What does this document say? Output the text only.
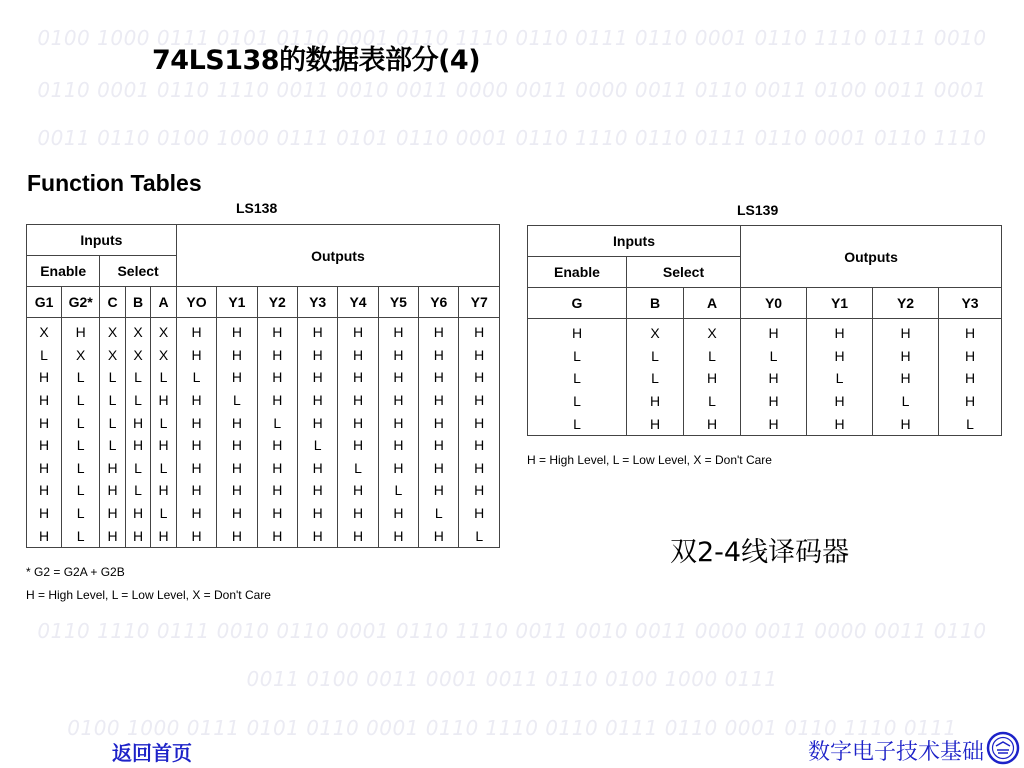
0100 1000 0111 0101 0110 0001 0110 1110 0110 0111 0110 0001 0110 1110 0111 0010
0110 0001 0110 1110 0011 0010 0011 0000 0011 0000 0011 0110 0011 0100 0011 0001
0011 0110 0100 1000 0111 0101 0110 0001 0110 1110 0110 0111 0110 0001 0110 1110
0110 1110 0111 0010 0110 0001 0110 1110 0011 0010 0011 0000 0011 0000 0011 0110
0011 0100 0011 0001 0011 0110 0100 1000 0111
0100 1000 0111 0101 0110 0001 0110 1110 0110 0111 0110 0001 0110 1110 0111
74LS138的数据表部分(4)
Function Tables
LS138
Inputs					Outputs							
Enable		Select										
G1	G2*	C	B	A	YO	Y1	Y2	Y3	Y4	Y5	Y6	Y7
X	H	X	X	X	H	H	H	H	H	H	H	H
L	X	X	X	X	H	H	H	H	H	H	H	H
H	L	L	L	L	L	H	H	H	H	H	H	H
H	L	L	L	H	H	L	H	H	H	H	H	H
H	L	L	H	L	H	H	L	H	H	H	H	H
H	L	L	H	H	H	H	H	L	H	H	H	H
H	L	H	L	L	H	H	H	H	L	H	H	H
H	L	H	L	H	H	H	H	H	H	L	H	H
H	L	H	H	L	H	H	H	H	H	H	L	H
H	L	H	H	H	H	H	H	H	H	H	H	L
* G2 = G2A + G2B
H = High Level, L = Low Level, X = Don't Care
LS139
Inputs			Outputs			
Enable	Select					
G	B	A	Y0	Y1	Y2	Y3
H	X	X	H	H	H	H
L	L	L	L	H	H	H
L	L	H	H	L	H	H
L	H	L	H	H	L	H
L	H	H	H	H	H	L
H = High Level, L = Low Level, X = Don't Care
双2-4线译码器
返回首页	数字电子技术基础
